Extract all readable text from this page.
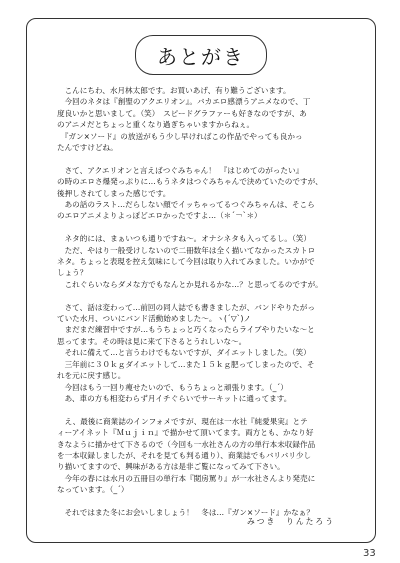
あとがき

　こんにちわ、水月林太郎です。お買いあげ、有り難うございます。

　今回のネタは『創聖のアクエリオン』。バカエロ感漂うアニメなので、丁

度良いかと思いまして。（笑）　スピードグラファーも好きなのですが、あ

のアニメだとちょっと重くなり過ぎちゃいますからねぇ。

　『ガン×ソード』の放送がもう少し早ければこの作品でやっても良かっ

たんですけどね。

　さて、アクエリオンと言えばつぐみちゃん！　『はじめてのがったい』

の時のエロさ爆発っぷりに…もうネタはつぐみちゃんで決めていたのですが、

後押しされてしまった感じです。

　あの話のラスト…だらしない顔でイッちゃってるつぐみちゃんは、そこら

のエロアニメよりよっぽどエロかったですよ…（＊´￢`＊）

　ネタ的には、まぁいつも通りですね～。オナシネタも入ってるし。（笑）

　ただ、やはり一般受けしないので二冊数年は全く描いてなかったスカトロ

ネタ。ちょっと表現を控え気味にして今回は取り入れてみました。いかがで

しょう？

　これぐらいならダメな方でもなんとか見れるかな…？と思ってるのですが。

　さて、話は変わって…前回の同人誌でも書きましたが、バンドやりたがっ

ていた水月、ついにバンド活動始めました～。ヽ(´▽`)ノ

　まだまだ練習中ですが…もうちょっと巧くなったらライブやりたいな～と

思ってます。その時は見に来て下さるとうれしいな～。

　それに備えて…と言うわけでもないですが、ダイエットしました。（笑）

　三年前に３０ｋｇダイエットして…また１５ｋｇ肥ってしまったので、そ

れを元に戻す感じ。

　今回はもう一回り痩せたいので、もうちょっと頑張ります。（_´）

　あ、車の方も相変わらず月イチぐらいでサーキットに通ってます。

　え、最後に商業誌のインフォメですが、現在は一水社『純愛果実』とテ

ィーアイネット『Ｍｕｊｉｎ』で描かせて頂いてます。両方とも、かなり好

きなように描かせて下さるので（今回も一水社さんの方の単行本未収録作品

を一本収録しましたが、それを見ても判る通り）、商業誌でもバリバリ少し

り描いてますので、興味がある方は是非ご覧になってみて下さい。

　今年の春には水月の五冊目の単行本『閲房罵り』が一水社さんより発売に

なっています。（_´）

　それではまた冬にお会いしましょう！　冬は…『ガン×ソード』かなぁ？

みつき　りんたろう
33
